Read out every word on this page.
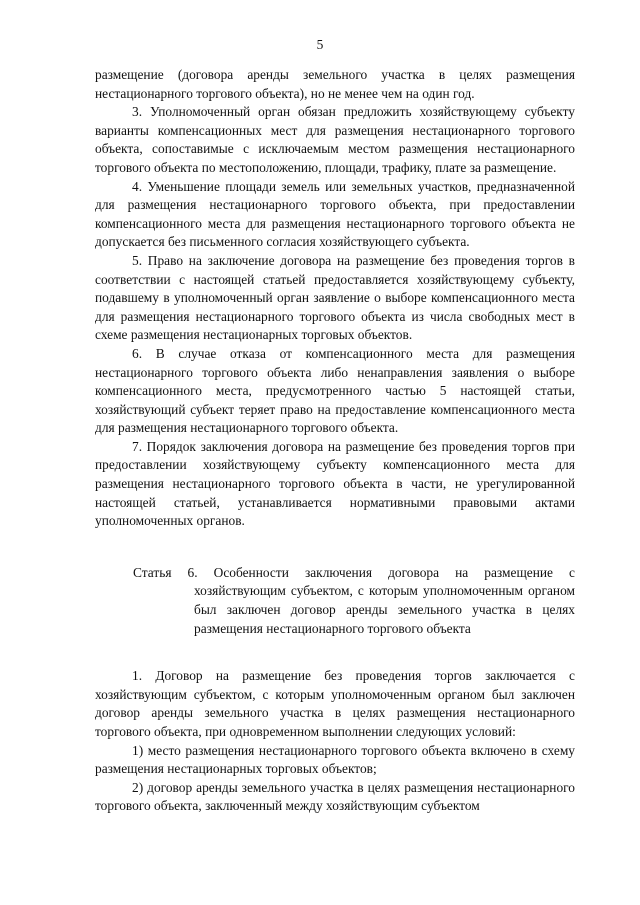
5

размещение (договора аренды земельного участка в целях размещения нестационарного торгового объекта), но не менее чем на один год.

3. Уполномоченный орган обязан предложить хозяйствующему субъекту варианты компенсационных мест для размещения нестационарного торгового объекта, сопоставимые с исключаемым местом размещения нестационарного торгового объекта по местоположению, площади, трафику, плате за размещение.

4. Уменьшение площади земель или земельных участков, предназначенной для размещения нестационарного торгового объекта, при предоставлении компенсационного места для размещения нестационарного торгового объекта не допускается без письменного согласия хозяйствующего субъекта.

5. Право на заключение договора на размещение без проведения торгов в соответствии с настоящей статьей предоставляется хозяйствующему субъекту, подавшему в уполномоченный орган заявление о выборе компенсационного места для размещения нестационарного торгового объекта из числа свободных мест в схеме размещения нестационарных торговых объектов.

6. В случае отказа от компенсационного места для размещения нестационарного торгового объекта либо ненаправления заявления о выборе компенсационного места, предусмотренного частью 5 настоящей статьи, хозяйствующий субъект теряет право на предоставление компенсационного места для размещения нестационарного торгового объекта.

7. Порядок заключения договора на размещение без проведения торгов при предоставлении хозяйствующему субъекту компенсационного места для размещения нестационарного торгового объекта в части, не урегулированной настоящей статьей, устанавливается нормативными правовыми актами уполномоченных органов.

Статья 6. Особенности заключения договора на размещение с хозяйствующим субъектом, с которым уполномоченным органом был заключен договор аренды земельного участка в целях размещения нестационарного торгового объекта

1. Договор на размещение без проведения торгов заключается с хозяйствующим субъектом, с которым уполномоченным органом был заключен договор аренды земельного участка в целях размещения нестационарного торгового объекта, при одновременном выполнении следующих условий:

1) место размещения нестационарного торгового объекта включено в схему размещения нестационарных торговых объектов;

2) договор аренды земельного участка в целях размещения нестационарного торгового объекта, заключенный между хозяйствующим субъектом
